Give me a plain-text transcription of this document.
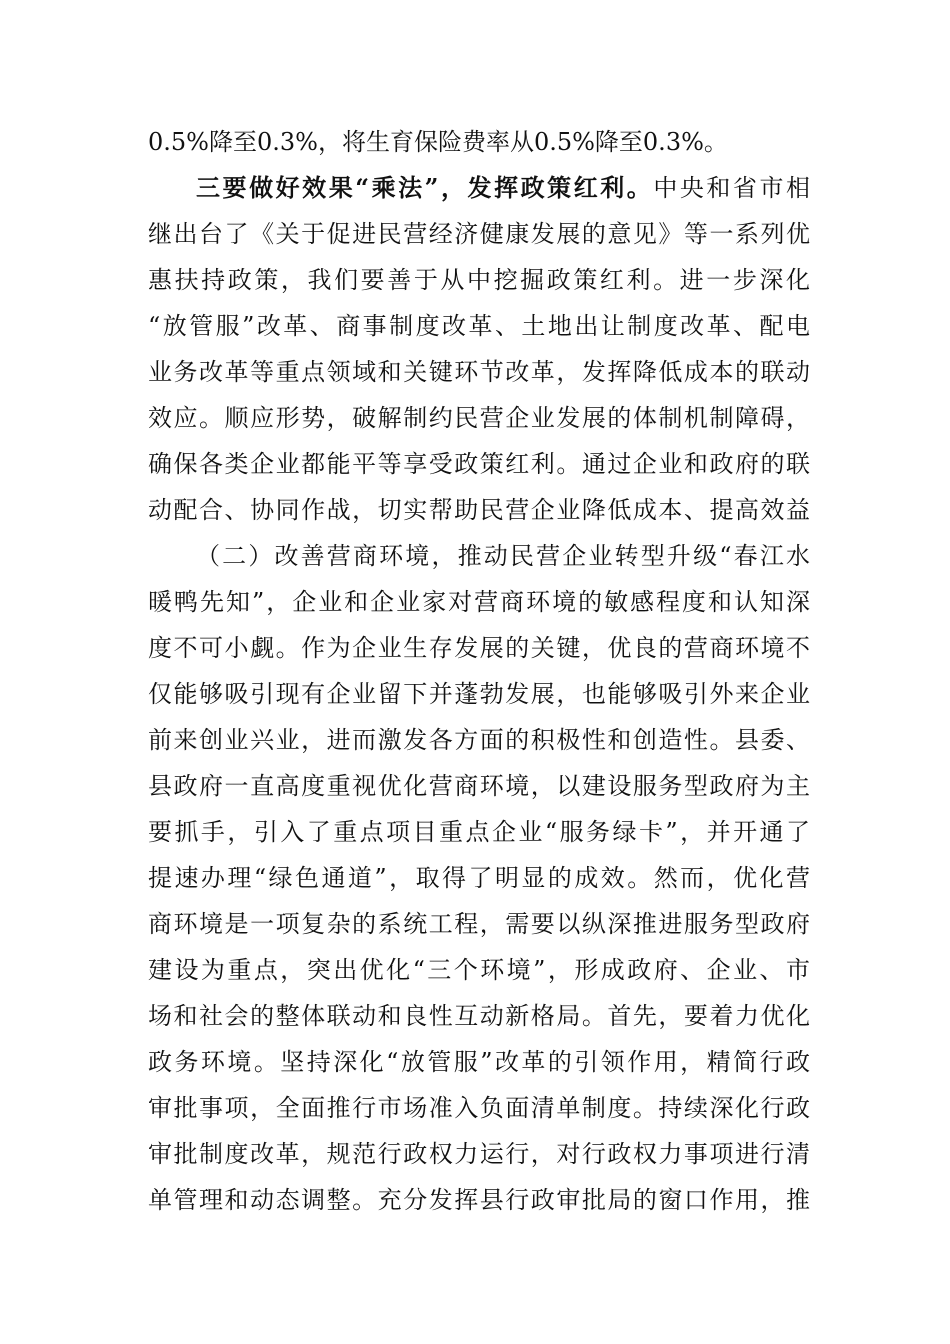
0.5%降至0.3%，将生育保险费率从0.5%降至0.3%。
三要做好效果“乘法”，发挥政策红利。中央和省市相
继出台了《关于促进民营经济健康发展的意见》等一系列优
惠扶持政策，我们要善于从中挖掘政策红利。进一步深化
“放管服”改革、商事制度改革、土地出让制度改革、配电
业务改革等重点领域和关键环节改革，发挥降低成本的联动
效应。顺应形势，破解制约民营企业发展的体制机制障碍，
确保各类企业都能平等享受政策红利。通过企业和政府的联
动配合、协同作战，切实帮助民营企业降低成本、提高效益
（二）改善营商环境，推动民营企业转型升级“春江水
暖鸭先知”，企业和企业家对营商环境的敏感程度和认知深
度不可小觑。作为企业生存发展的关键，优良的营商环境不
仅能够吸引现有企业留下并蓬勃发展，也能够吸引外来企业
前来创业兴业，进而激发各方面的积极性和创造性。县委、
县政府一直高度重视优化营商环境，以建设服务型政府为主
要抓手，引入了重点项目重点企业“服务绿卡”，并开通了
提速办理“绿色通道”，取得了明显的成效。然而，优化营
商环境是一项复杂的系统工程，需要以纵深推进服务型政府
建设为重点，突出优化“三个环境”，形成政府、企业、市
场和社会的整体联动和良性互动新格局。首先，要着力优化
政务环境。坚持深化“放管服”改革的引领作用，精简行政
审批事项，全面推行市场准入负面清单制度。持续深化行政
审批制度改革，规范行政权力运行，对行政权力事项进行清
单管理和动态调整。充分发挥县行政审批局的窗口作用，推
